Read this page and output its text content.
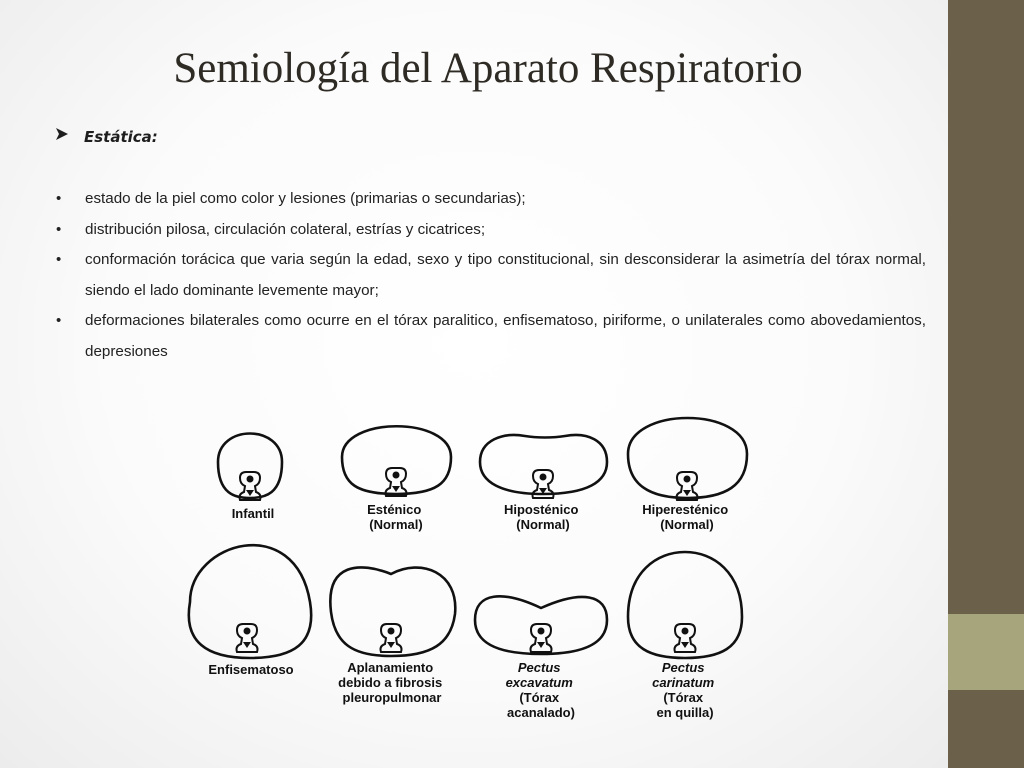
Semiología del Aparato Respiratorio
Estática:
• estado de la piel como color y lesiones (primarias o secundarias);
• distribución pilosa, circulación colateral, estrías y cicatrices;
• conformación torácica que varia según la edad, sexo y tipo constitucional, sin desconsiderar la asimetría del tórax normal, siendo el lado dominante levemente mayor;
• deformaciones bilaterales como ocurre en el tórax paralitico, enfisematoso, piriforme, o unilaterales como abovedamientos, depresiones
Infantil	Esténico (Normal)
Hiposténico (Normal)
Hiperesténico (Normal)
Enfisematoso	Aplanamiento debido a fibrosis pleuropulmonar
Pectus excavatum (Tórax acanalado)
Pectus carinatum (Tórax en quilla)
